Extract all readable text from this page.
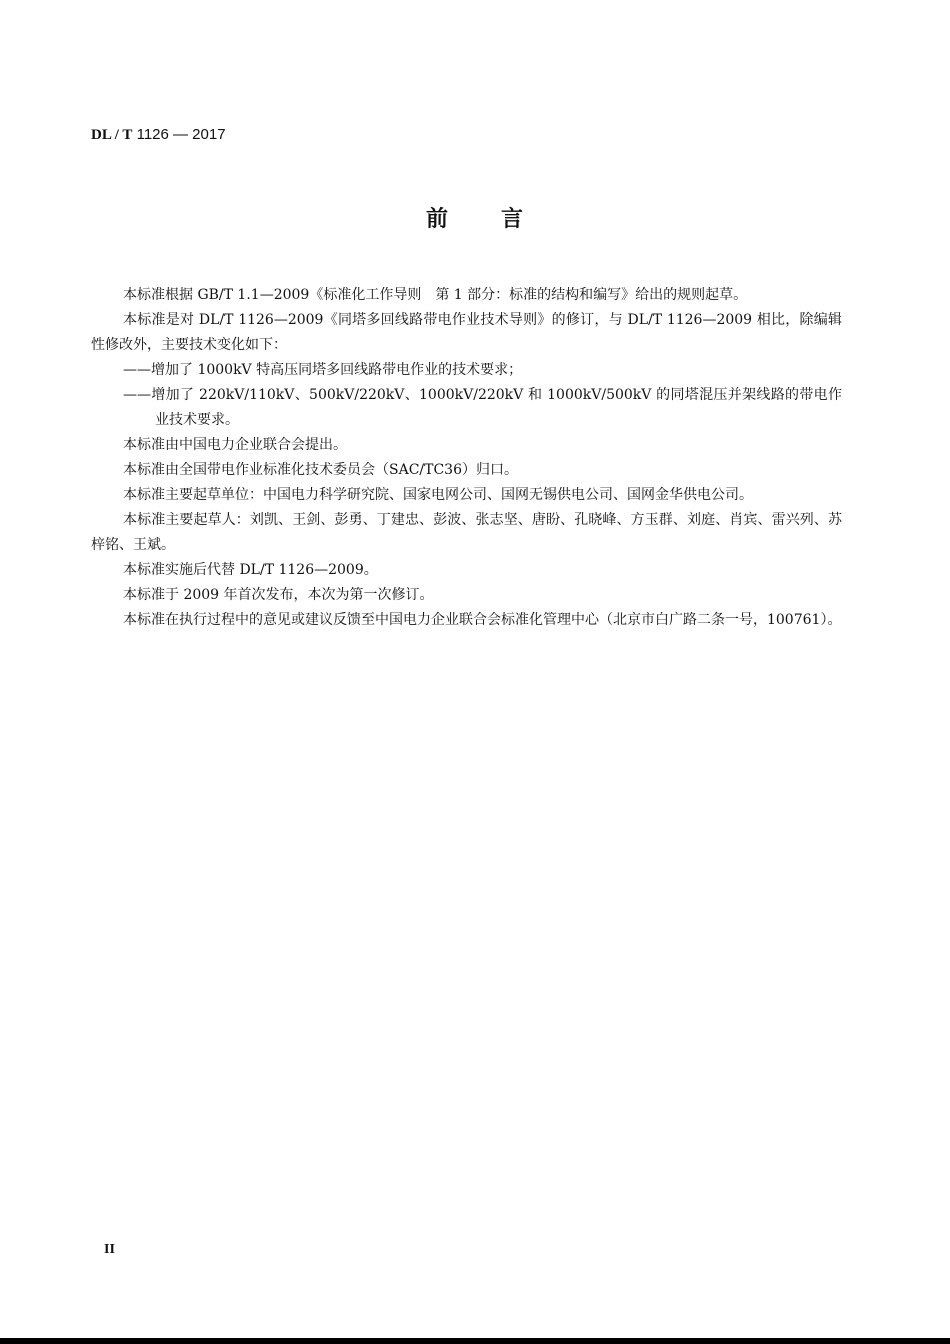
DL / T 1126 — 2017
前 言

本标准根据 GB/T 1.1—2009《标准化工作导则　第 1 部分：标准的结构和编写》给出的规则起草。

本标准是对 DL/T 1126—2009《同塔多回线路带电作业技术导则》的修订，与 DL/T 1126—2009 相比，除编辑性修改外，主要技术变化如下：

——增加了 1000kV 特高压同塔多回线路带电作业的技术要求；

——增加了 220kV/110kV、500kV/220kV、1000kV/220kV 和 1000kV/500kV 的同塔混压并架线路的带电作业技术要求。

本标准由中国电力企业联合会提出。

本标准由全国带电作业标准化技术委员会（SAC/TC36）归口。

本标准主要起草单位：中国电力科学研究院、国家电网公司、国网无锡供电公司、国网金华供电公司。

本标准主要起草人：刘凯、王剑、彭勇、丁建忠、彭波、张志坚、唐盼、孔晓峰、方玉群、刘庭、肖宾、雷兴列、苏梓铭、王斌。

本标准实施后代替 DL/T 1126—2009。

本标准于 2009 年首次发布，本次为第一次修订。

本标准在执行过程中的意见或建议反馈至中国电力企业联合会标准化管理中心（北京市白广路二条一号，100761）。

II
